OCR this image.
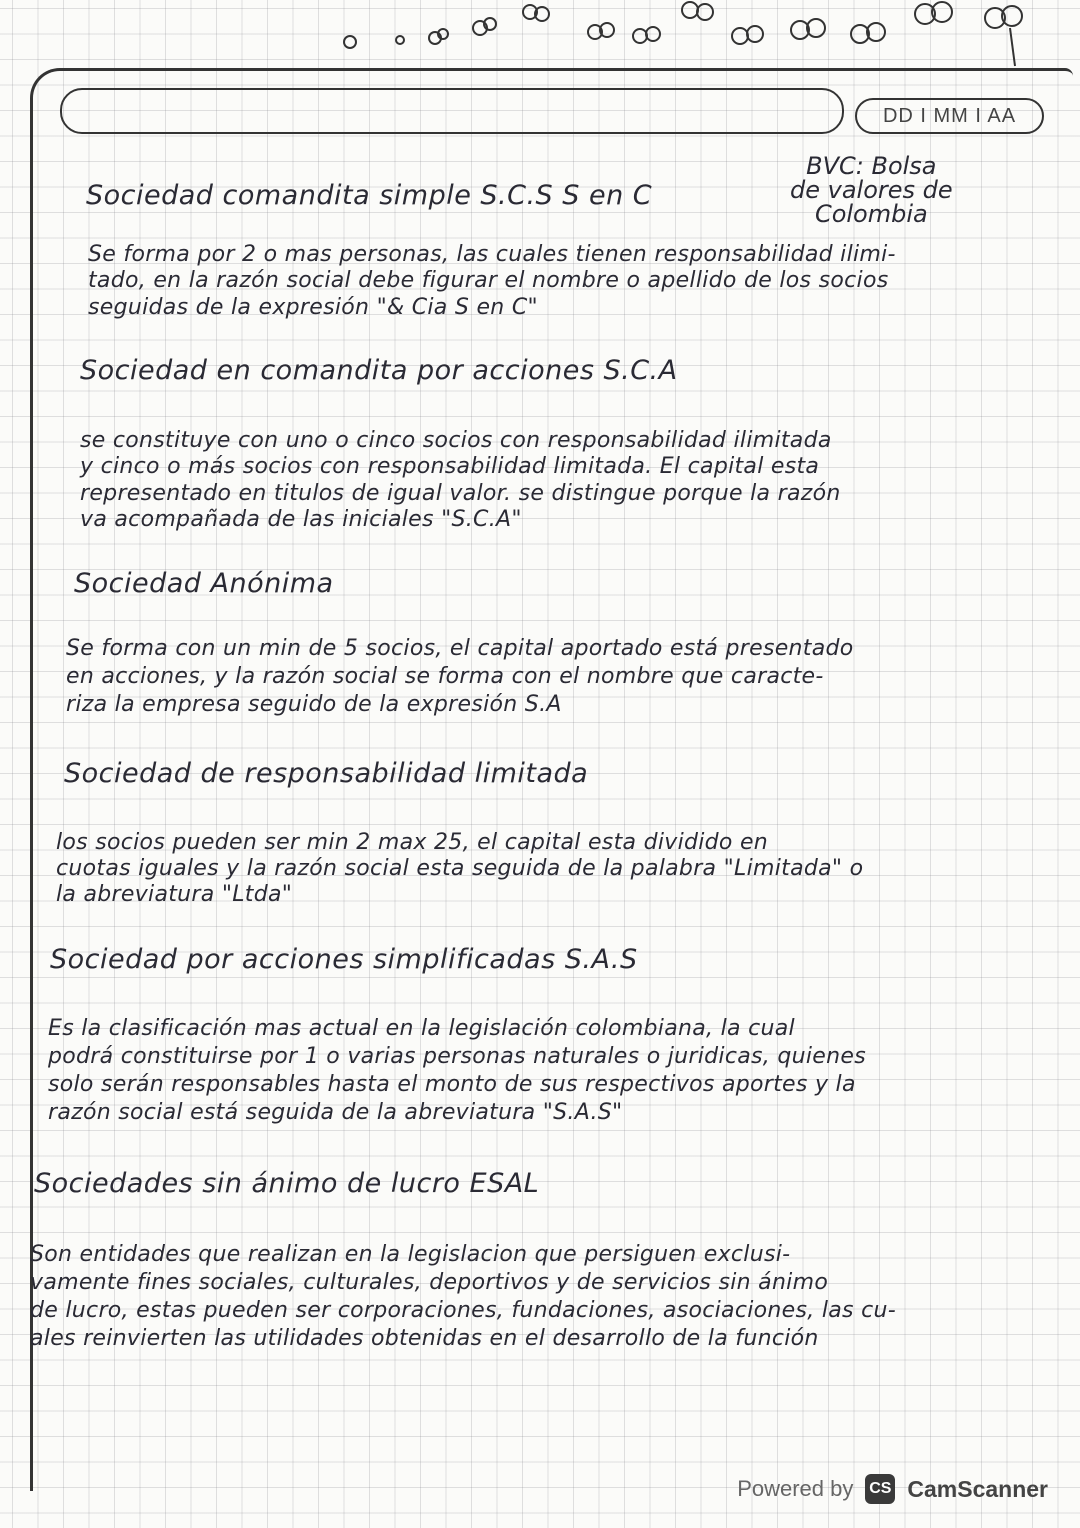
DD I MM I AA
BVC: Bolsa
de valores de
Colombia
Sociedad comandita simple S.C.S S en C
Se forma por 2 o mas personas, las cuales tienen responsabilidad ilimi-
tado, en la razón social debe figurar el nombre o apellido de los socios
seguidas de la expresión "& Cia S en C"
Sociedad en comandita por acciones S.C.A
se constituye con uno o cinco socios con responsabilidad ilimitada
y cinco o más socios con responsabilidad limitada. El capital esta
representado en titulos de igual valor. se distingue porque la razón
va acompañada de las iniciales "S.C.A"
Sociedad Anónima
Se forma con un min de 5 socios, el capital aportado está presentado
en acciones, y la razón social se forma con el nombre que caracte-
riza la empresa seguido de la expresión S.A
Sociedad de responsabilidad limitada
los socios pueden ser min 2 max 25, el capital esta dividido en
cuotas iguales y la razón social esta seguida de la palabra "Limitada" o
la abreviatura "Ltda"
Sociedad por acciones simplificadas S.A.S
Es la clasificación mas actual en la legislación colombiana, la cual
podrá constituirse por 1 o varias personas naturales o juridicas, quienes
solo serán responsables hasta el monto de sus respectivos aportes y la
razón social está seguida de la abreviatura "S.A.S"
Sociedades sin ánimo de lucro ESAL
Son entidades que realizan en la legislacion que persiguen exclusi-
vamente fines sociales, culturales, deportivos y de servicios sin ánimo
de lucro, estas pueden ser corporaciones, fundaciones, asociaciones, las cu-
ales reinvierten las utilidades obtenidas en el desarrollo de la función
Powered by CS CamScanner
